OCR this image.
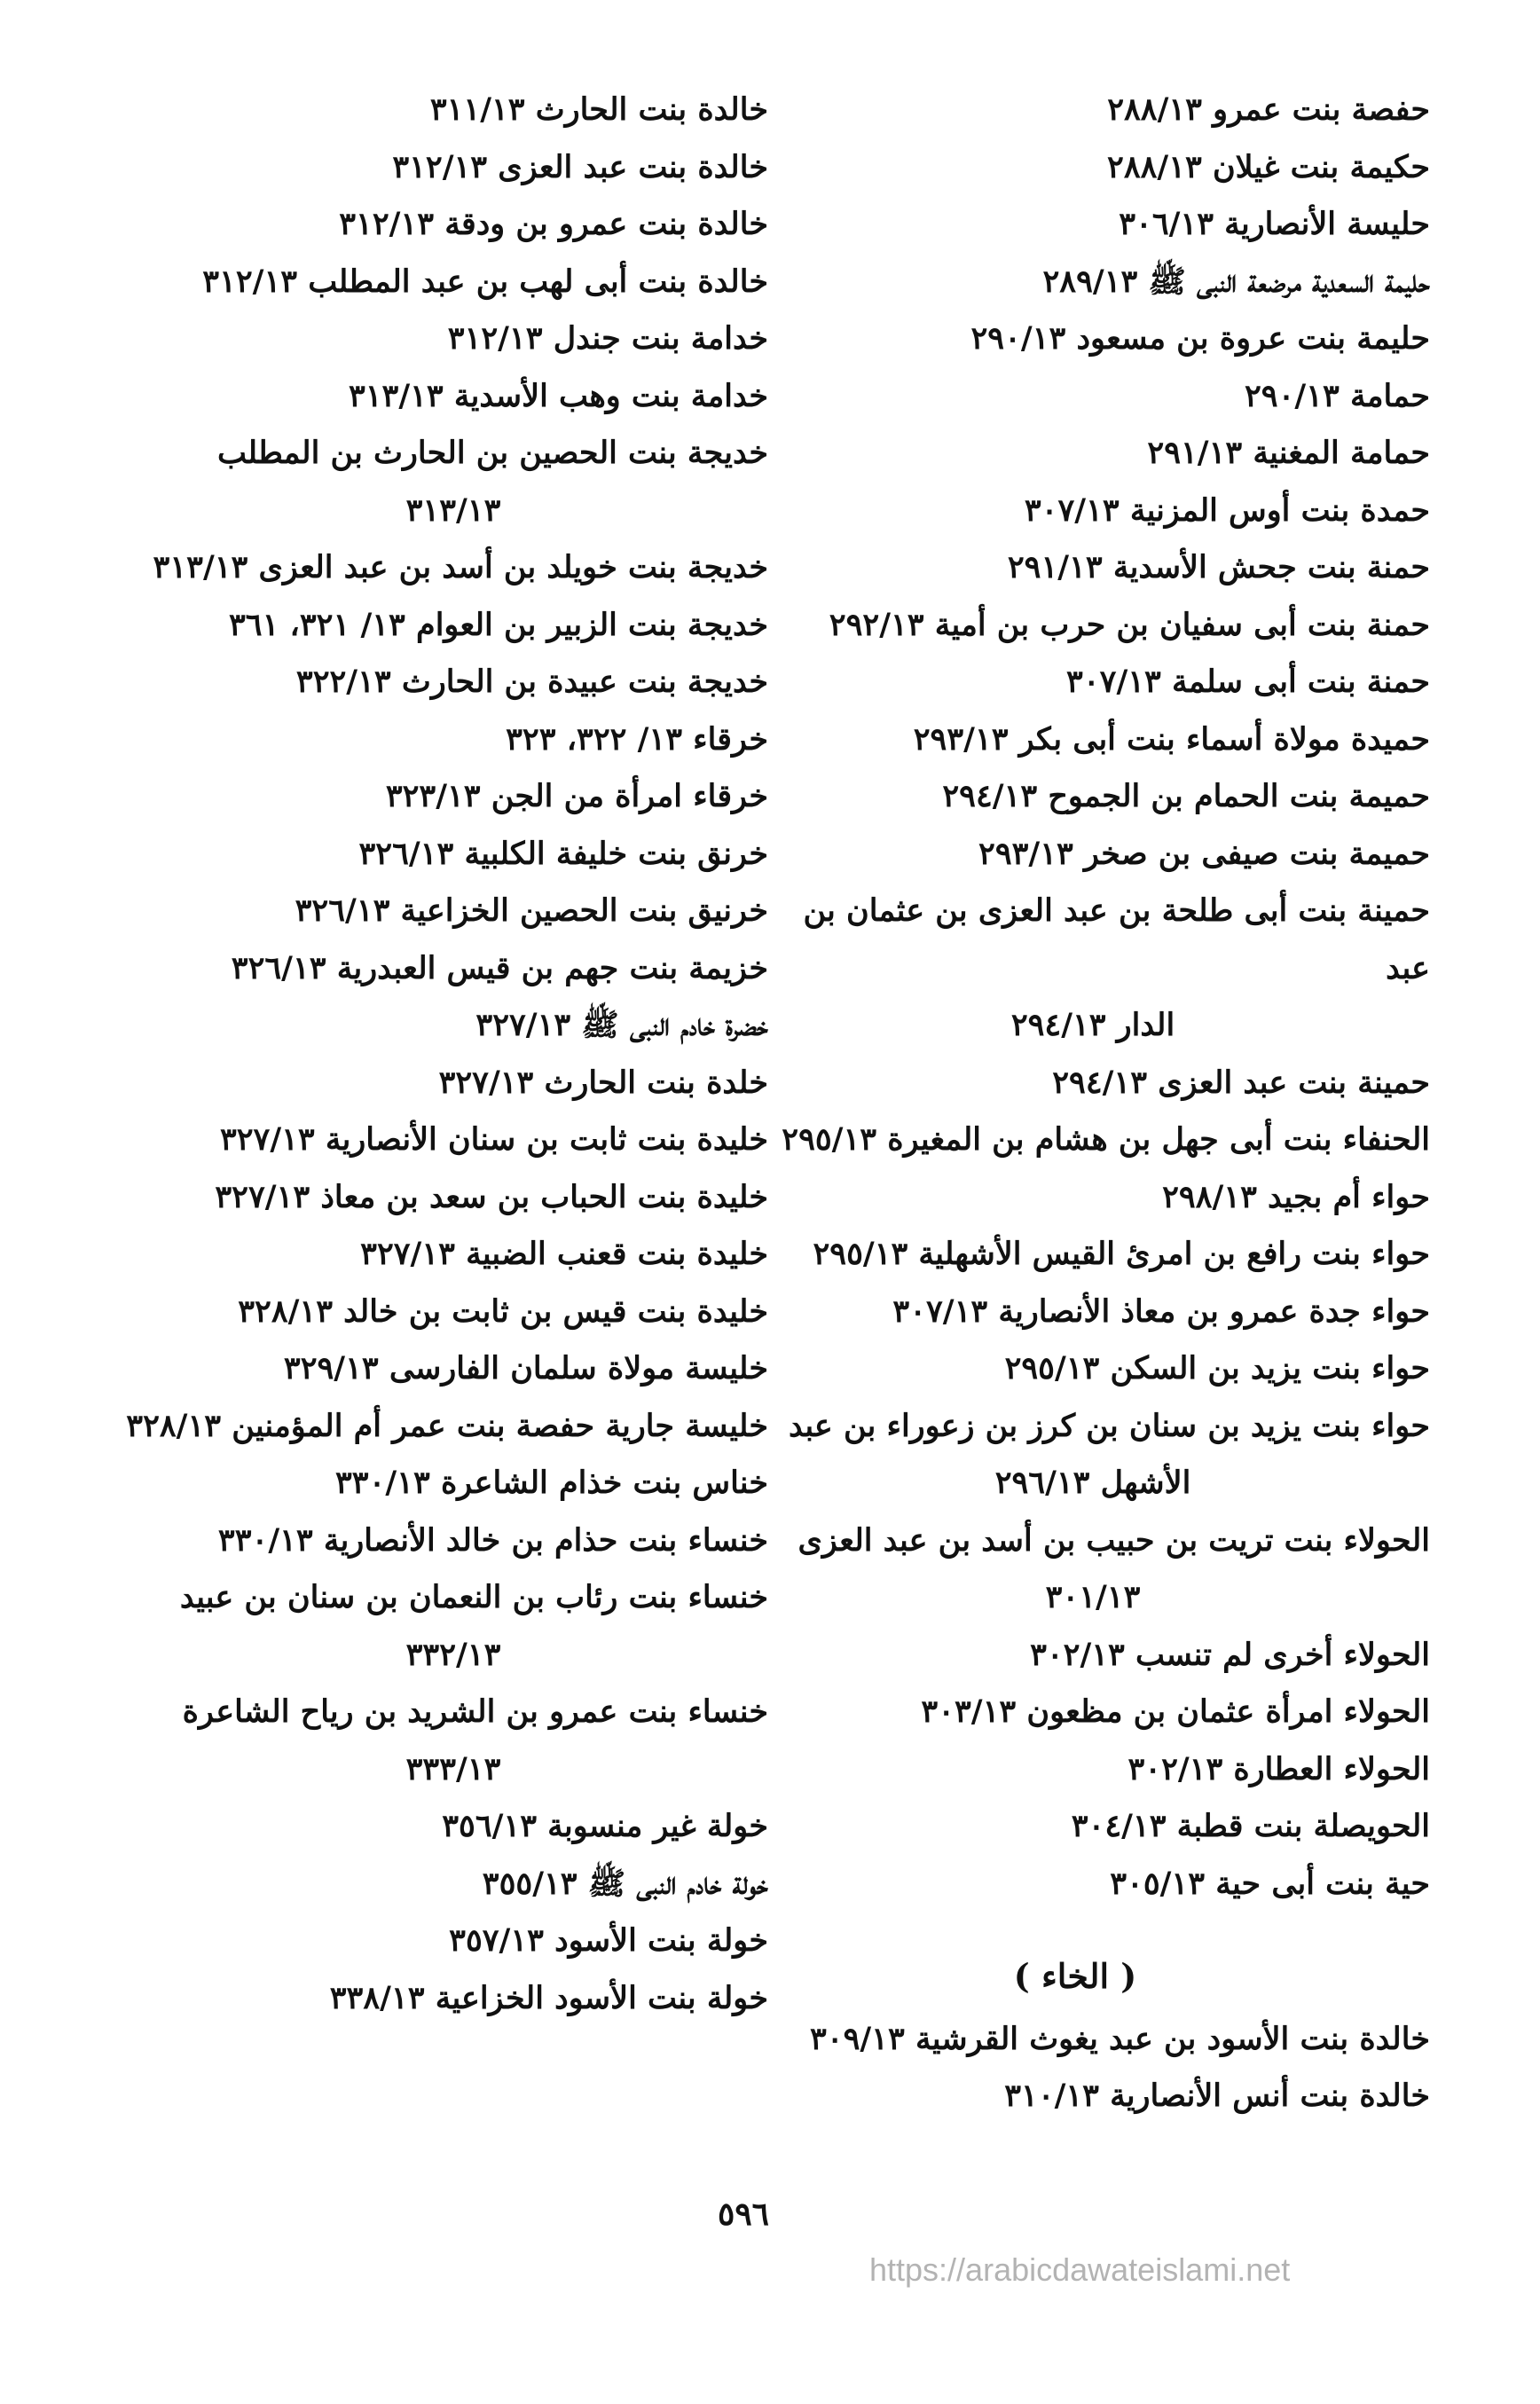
حفصة بنت عمرو ٢٨٨/١٣
حكيمة بنت غيلان ٢٨٨/١٣
حليسة الأنصارية ٣٠٦/١٣
حليمة السعدية مرضعة النبى ﷺ ٢٨٩/١٣
حليمة بنت عروة بن مسعود ٢٩٠/١٣
حمامة ٢٩٠/١٣
حمامة المغنية ٢٩١/١٣
حمدة بنت أوس المزنية ٣٠٧/١٣
حمنة بنت جحش الأسدية ٢٩١/١٣
حمنة بنت أبى سفيان بن حرب بن أمية ٢٩٢/١٣
حمنة بنت أبى سلمة ٣٠٧/١٣
حميدة مولاة أسماء بنت أبى بكر ٢٩٣/١٣
حميمة بنت الحمام بن الجموح ٢٩٤/١٣
حميمة بنت صيفى بن صخر ٢٩٣/١٣
حمينة بنت أبى طلحة بن عبد العزى بن عثمان بن عبد
الدار ٢٩٤/١٣
حمينة بنت عبد العزى ٢٩٤/١٣
الحنفاء بنت أبى جهل بن هشام بن المغيرة ٢٩٥/١٣
حواء أم بجيد ٢٩٨/١٣
حواء بنت رافع بن امرئ القيس الأشهلية ٢٩٥/١٣
حواء جدة عمرو بن معاذ الأنصارية ٣٠٧/١٣
حواء بنت يزيد بن السكن ٢٩٥/١٣
حواء بنت يزيد بن سنان بن كرز بن زعوراء بن عبد
الأشهل ٢٩٦/١٣
الحولاء بنت تريت بن حبيب بن أسد بن عبد العزى
٣٠١/١٣
الحولاء أخرى لم تنسب ٣٠٢/١٣
الحولاء امرأة عثمان بن مظعون ٣٠٣/١٣
الحولاء العطارة ٣٠٢/١٣
الحويصلة بنت قطبة ٣٠٤/١٣
حية بنت أبى حية ٣٠٥/١٣
( الخاء )
خالدة بنت الأسود بن عبد يغوث القرشية ٣٠٩/١٣
خالدة بنت أنس الأنصارية ٣١٠/١٣
خالدة بنت الحارث ٣١١/١٣
خالدة بنت عبد العزى ٣١٢/١٣
خالدة بنت عمرو بن ودقة ٣١٢/١٣
خالدة بنت أبى لهب بن عبد المطلب ٣١٢/١٣
خدامة بنت جندل ٣١٢/١٣
خدامة بنت وهب الأسدية ٣١٣/١٣
خديجة بنت الحصين بن الحارث بن المطلب
٣١٣/١٣
خديجة بنت خويلد بن أسد بن عبد العزى ٣١٣/١٣
خديجة بنت الزبير بن العوام ١٣/ ٣٢١، ٣٦١
خديجة بنت عبيدة بن الحارث ٣٢٢/١٣
خرقاء ١٣/ ٣٢٢، ٣٢٣
خرقاء امرأة من الجن ٣٢٣/١٣
خرنق بنت خليفة الكلبية ٣٢٦/١٣
خرنيق بنت الحصين الخزاعية ٣٢٦/١٣
خزيمة بنت جهم بن قيس العبدرية ٣٢٦/١٣
خضرة خادم النبى ﷺ ٣٢٧/١٣
خلدة بنت الحارث ٣٢٧/١٣
خليدة بنت ثابت بن سنان الأنصارية ٣٢٧/١٣
خليدة بنت الحباب بن سعد بن معاذ ٣٢٧/١٣
خليدة بنت قعنب الضبية ٣٢٧/١٣
خليدة بنت قيس بن ثابت بن خالد ٣٢٨/١٣
خليسة مولاة سلمان الفارسى ٣٢٩/١٣
خليسة جارية حفصة بنت عمر أم المؤمنين ٣٢٨/١٣
خناس بنت خذام الشاعرة ٣٣٠/١٣
خنساء بنت حذام بن خالد الأنصارية ٣٣٠/١٣
خنساء بنت رئاب بن النعمان بن سنان بن عبيد
٣٣٢/١٣
خنساء بنت عمرو بن الشريد بن رياح الشاعرة
٣٣٣/١٣
خولة غير منسوبة ٣٥٦/١٣
خولة خادم النبى ﷺ ٣٥٥/١٣
خولة بنت الأسود ٣٥٧/١٣
خولة بنت الأسود الخزاعية ٣٣٨/١٣
٥٩٦
https://arabicdawateislami.net
